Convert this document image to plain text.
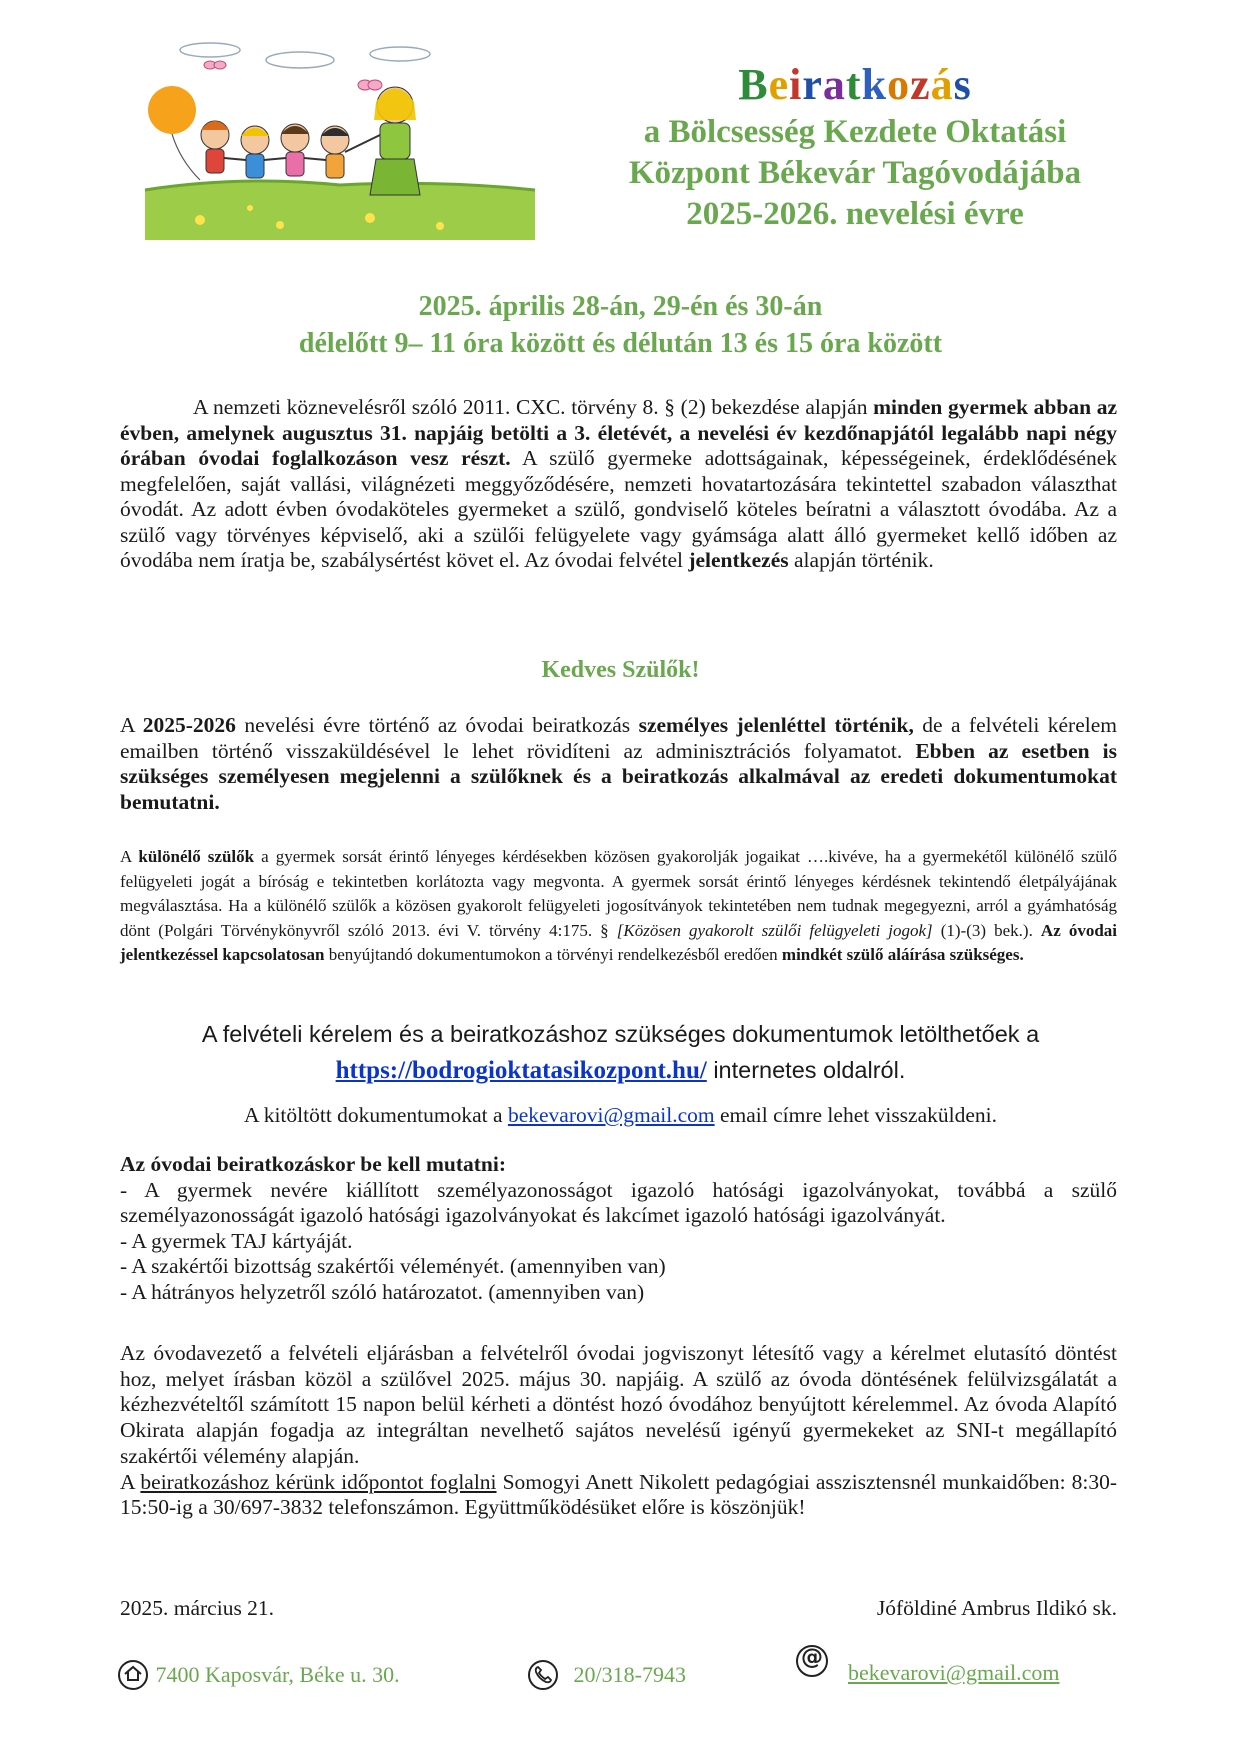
Beiratkozás
a Bölcsesség Kezdete Oktatási
Központ Békevár Tagóvodájába
2025-2026. nevelési évre
2025. április 28-án, 29-én és 30-án
délelőtt 9– 11 óra között és délután 13 és 15 óra között
A nemzeti köznevelésről szóló 2011. CXC. törvény 8. § (2) bekezdése alapján minden gyermek abban az évben, amelynek augusztus 31. napjáig betölti a 3. életévét, a nevelési év kezdőnapjától legalább napi négy órában óvodai foglalkozáson vesz részt. A szülő gyermeke adottságainak, képességeinek, érdeklődésének megfelelően, saját vallási, világnézeti meggyőződésére, nemzeti hovatartozására tekintettel szabadon választhat óvodát. Az adott évben óvodaköteles gyermeket a szülő, gondviselő köteles beíratni a választott óvodába. Az a szülő vagy törvényes képviselő, aki a szülői felügyelete vagy gyámsága alatt álló gyermeket kellő időben az óvodába nem íratja be, szabálysértést követ el. Az óvodai felvétel jelentkezés alapján történik.
Kedves Szülők!
A 2025-2026 nevelési évre történő az óvodai beiratkozás személyes jelenléttel történik, de a felvételi kérelem emailben történő visszaküldésével le lehet rövidíteni az adminisztrációs folyamatot. Ebben az esetben is szükséges személyesen megjelenni a szülőknek és a beiratkozás alkalmával az eredeti dokumentumokat bemutatni.
A különélő szülők a gyermek sorsát érintő lényeges kérdésekben közösen gyakorolják jogaikat ….kivéve, ha a gyermekétől különélő szülő felügyeleti jogát a bíróság e tekintetben korlátozta vagy megvonta. A gyermek sorsát érintő lényeges kérdésnek tekintendő életpályájának megválasztása. Ha a különélő szülők a közösen gyakorolt felügyeleti jogosítványok tekintetében nem tudnak megegyezni, arról a gyámhatóság dönt (Polgári Törvénykönyvről szóló 2013. évi V. törvény 4:175. § [Közösen gyakorolt szülői felügyeleti jogok] (1)-(3) bek.). Az óvodai jelentkezéssel kapcsolatosan benyújtandó dokumentumokon a törvényi rendelkezésből eredően mindkét szülő aláírása szükséges.
A felvételi kérelem és a beiratkozáshoz szükséges dokumentumok letölthetőek a
https://bodrogioktatasikozpont.hu/ internetes oldalról.
A kitöltött dokumentumokat a bekevarovi@gmail.com email címre lehet visszaküldeni.
Az óvodai beiratkozáskor be kell mutatni:
- A gyermek nevére kiállított személyazonosságot igazoló hatósági igazolványokat, továbbá a szülő személyazonosságát igazoló hatósági igazolványokat és lakcímet igazoló hatósági igazolványát.
- A gyermek TAJ kártyáját.
- A szakértői bizottság szakértői véleményét. (amennyiben van)
- A hátrányos helyzetről szóló határozatot. (amennyiben van)
Az óvodavezető a felvételi eljárásban a felvételről óvodai jogviszonyt létesítő vagy a kérelmet elutasító döntést hoz, melyet írásban közöl a szülővel 2025. május 30. napjáig. A szülő az óvoda döntésének felülvizsgálatát a kézhezvételtől számított 15 napon belül kérheti a döntést hozó óvodához benyújtott kérelemmel. Az óvoda Alapító Okirata alapján fogadja az integráltan nevelhető sajátos nevelésű igényű gyermekeket az SNI-t megállapító szakértői vélemény alapján.
A beiratkozáshoz kérünk időpontot foglalni Somogyi Anett Nikolett pedagógiai asszisztensnél munkaidőben: 8:30-15:50-ig a 30/697-3832 telefonszámon. Együttműködésüket előre is köszönjük!
2025. március 21.	Jóföldiné Ambrus Ildikó sk.
7400 Kaposvár, Béke u. 30.	20/318-7943
@
bekevarovi@gmail.com
